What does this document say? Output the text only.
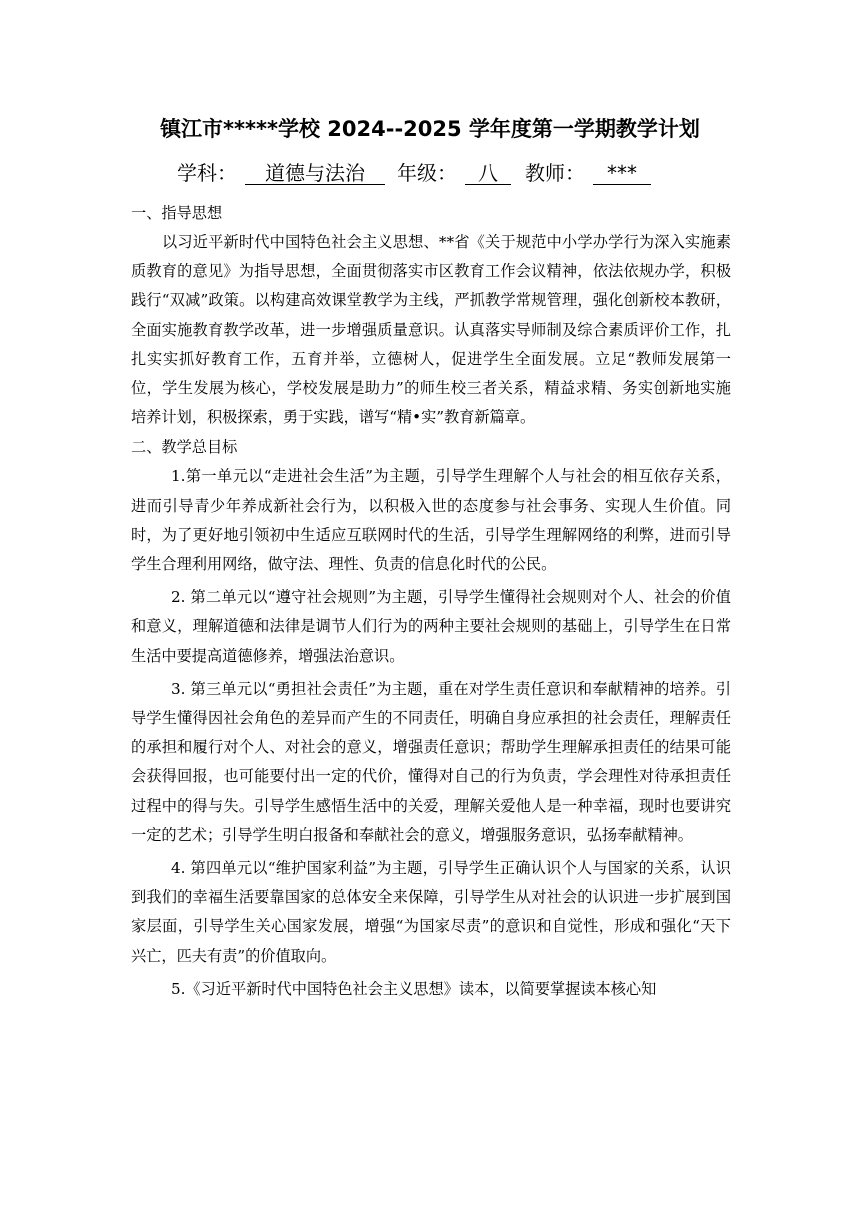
镇江市*****学校 2024--2025 学年度第一学期教学计划
学科： 道德与法治 年级： 八 教师： ***
一、指导思想

以习近平新时代中国特色社会主义思想、**省《关于规范中小学办学行为深入实施素质教育的意见》为指导思想，全面贯彻落实市区教育工作会议精神，依法依规办学，积极践行“双减”政策。以构建高效课堂教学为主线，严抓教学常规管理，强化创新校本教研，全面实施教育教学改革，进一步增强质量意识。认真落实导师制及综合素质评价工作，扎扎实实抓好教育工作，五育并举，立德树人，促进学生全面发展。立足“教师发展第一位，学生发展为核心，学校发展是助力”的师生校三者关系，精益求精、务实创新地实施培养计划，积极探索，勇于实践，谱写“精•实”教育新篇章。

二、教学总目标

1.第一单元以“走进社会生活”为主题，引导学生理解个人与社会的相互依存关系，进而引导青少年养成新社会行为，以积极入世的态度参与社会事务、实现人生价值。同时，为了更好地引领初中生适应互联网时代的生活，引导学生理解网络的利弊，进而引导学生合理利用网络，做守法、理性、负责的信息化时代的公民。

2. 第二单元以“遵守社会规则”为主题，引导学生懂得社会规则对个人、社会的价值和意义，理解道德和法律是调节人们行为的两种主要社会规则的基础上，引导学生在日常生活中要提高道德修养，增强法治意识。

3. 第三单元以“勇担社会责任”为主题，重在对学生责任意识和奉献精神的培养。引导学生懂得因社会角色的差异而产生的不同责任，明确自身应承担的社会责任，理解责任的承担和履行对个人、对社会的意义，增强责任意识；帮助学生理解承担责任的结果可能会获得回报，也可能要付出一定的代价，懂得对自己的行为负责，学会理性对待承担责任过程中的得与失。引导学生感悟生活中的关爱，理解关爱他人是一种幸福，现时也要讲究一定的艺术；引导学生明白报备和奉献社会的意义，增强服务意识，弘扬奉献精神。

4. 第四单元以“维护国家利益”为主题，引导学生正确认识个人与国家的关系，认识到我们的幸福生活要靠国家的总体安全来保障，引导学生从对社会的认识进一步扩展到国家层面，引导学生关心国家发展，增强“为国家尽责”的意识和自觉性，形成和强化“天下兴亡，匹夫有责”的价值取向。

5.《习近平新时代中国特色社会主义思想》读本，以简要掌握读本核心知
